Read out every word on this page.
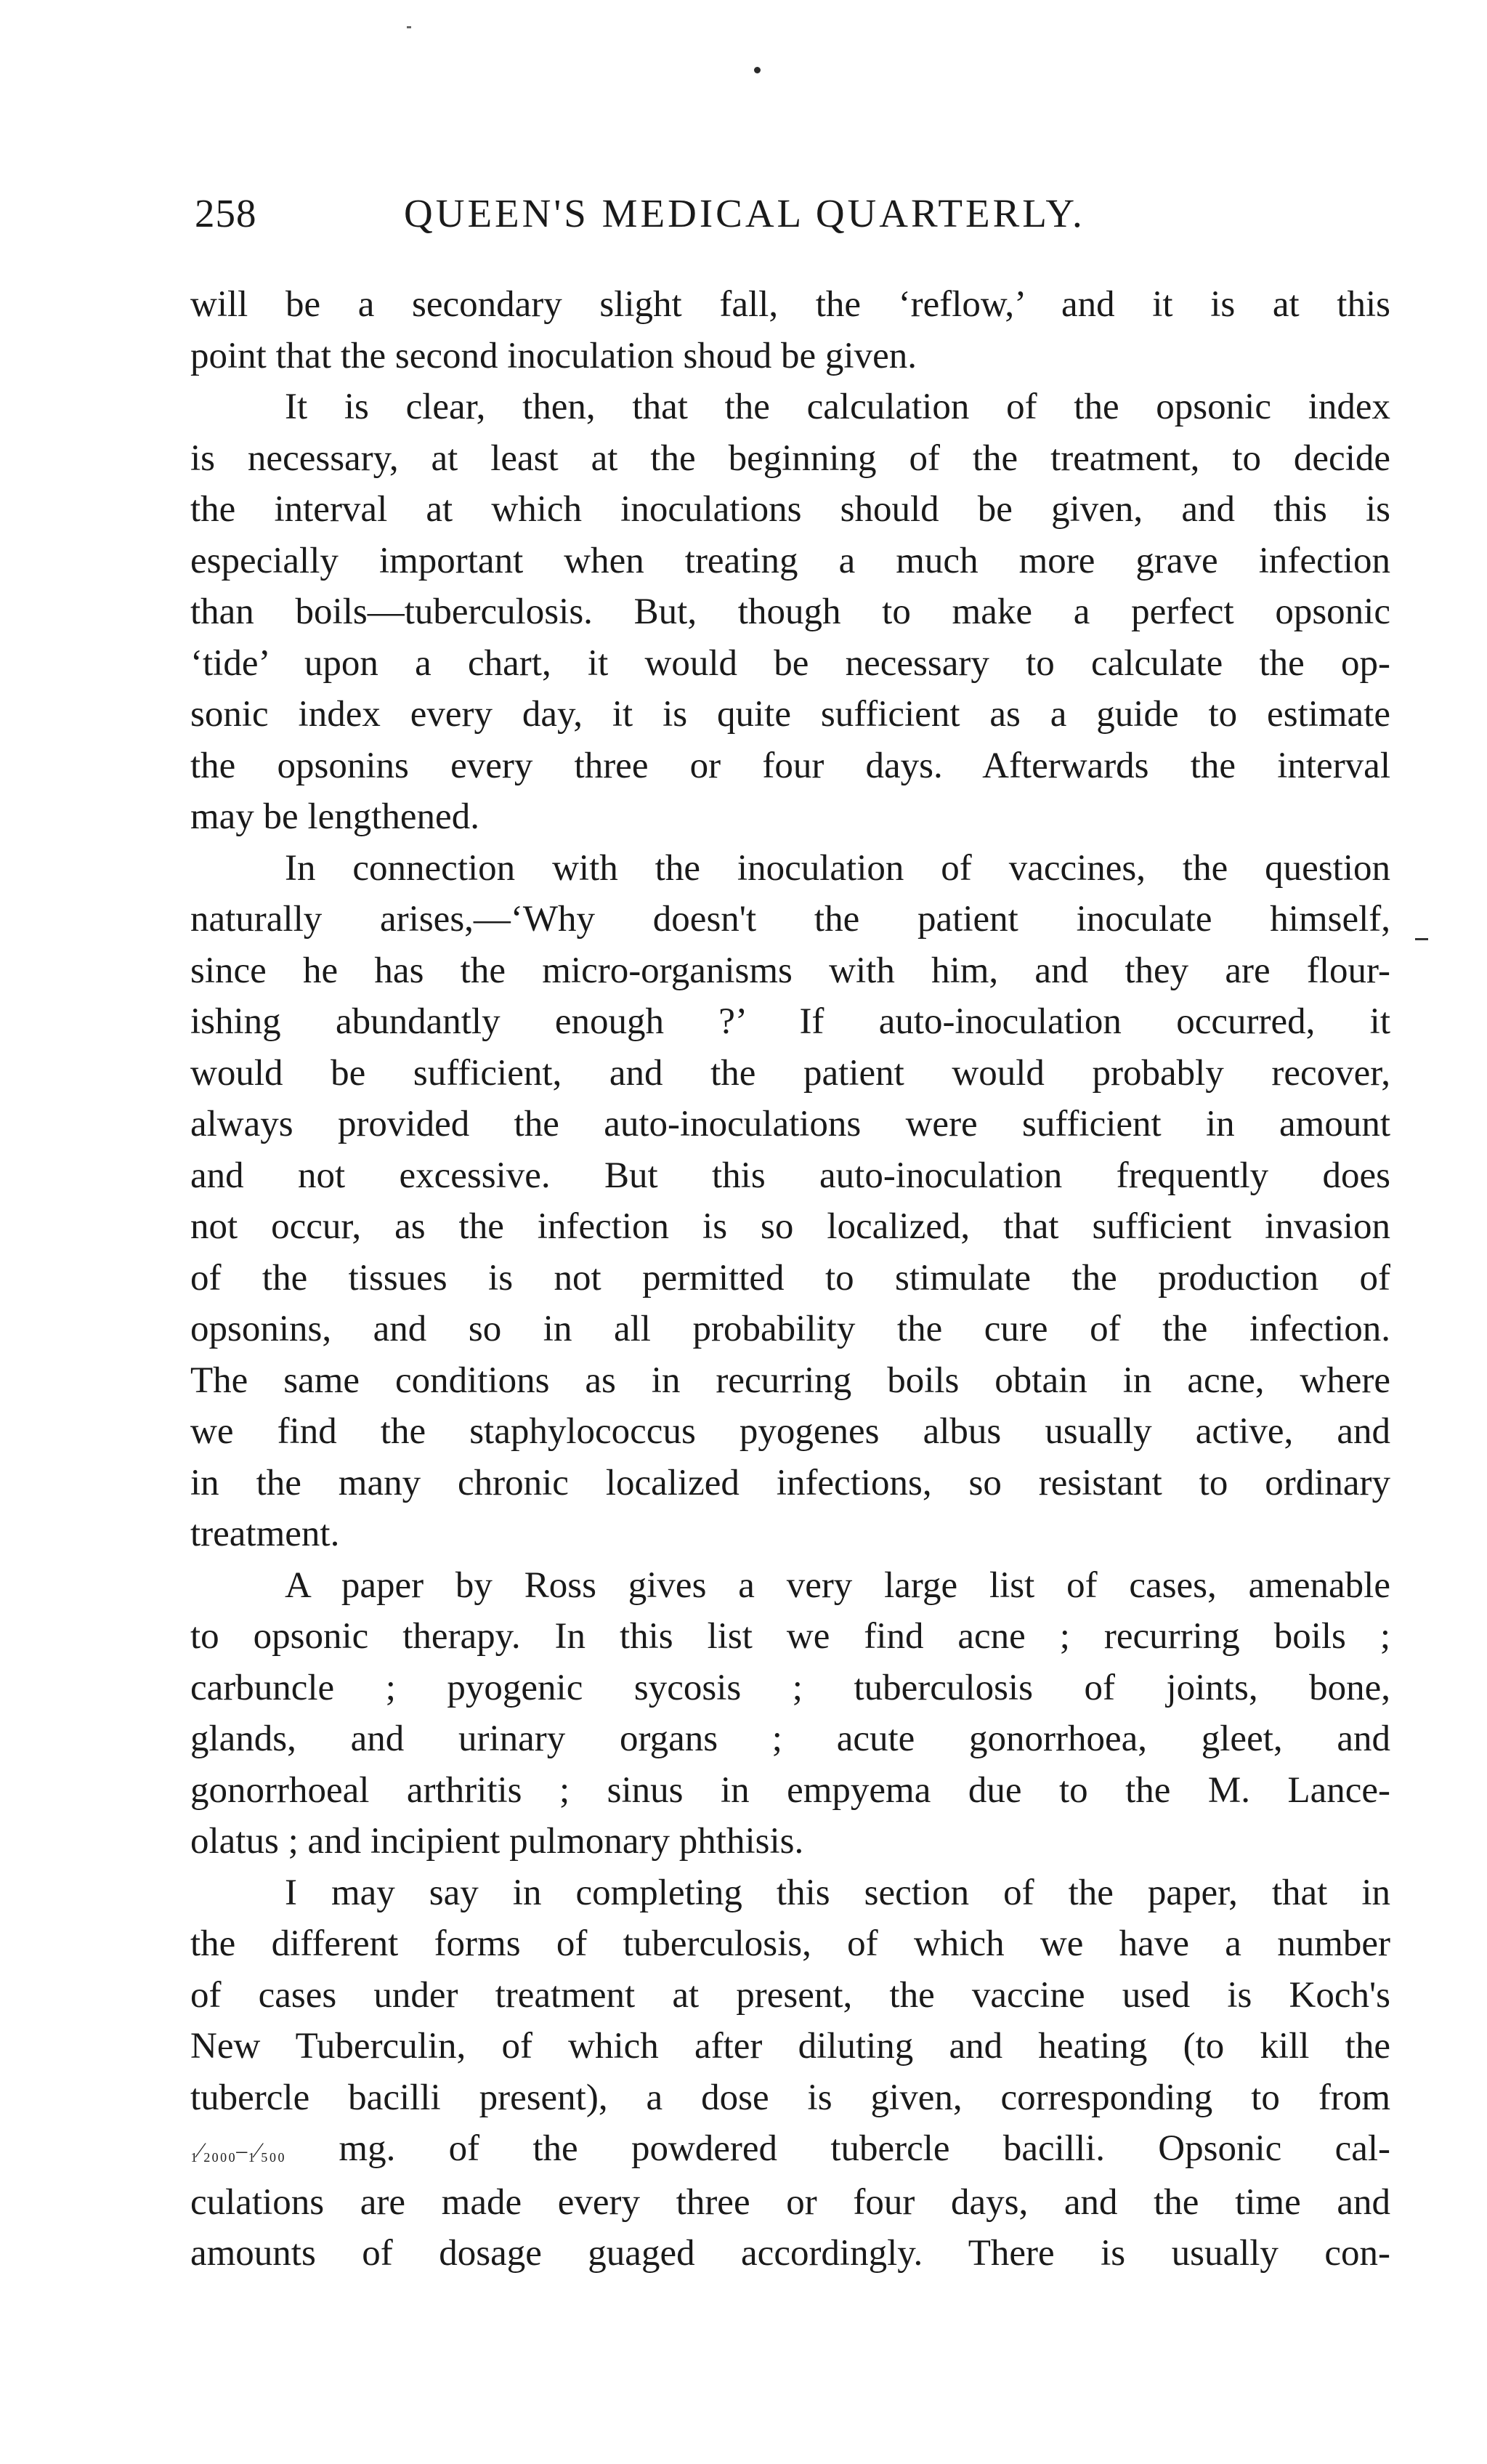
258	QUEEN'S MEDICAL QUARTERLY.

will be a secondary slight fall, the ‘reflow,’ and it is at this
point that the second inoculation shoud be given.

It is clear, then, that the calculation of the opsonic index
is necessary, at least at the beginning of the treatment, to decide
the interval at which inoculations should be given, and this is
especially important when treating a much more grave infection
than boils—tuberculosis. But, though to make a perfect opsonic
‘tide’ upon a chart, it would be necessary to calculate the op-
sonic index every day, it is quite sufficient as a guide to estimate
the opsonins every three or four days. Afterwards the interval
may be lengthened.

In connection with the inoculation of vaccines, the question
naturally arises,—‘Why doesn't the patient inoculate himself,
since he has the micro-organisms with him, and they are flour-
ishing abundantly enough ?’ If auto-inoculation occurred, it
would be sufficient, and the patient would probably recover,
always provided the auto-inoculations were sufficient in amount
and not excessive. But this auto-inoculation frequently does
not occur, as the infection is so localized, that sufficient invasion
of the tissues is not permitted to stimulate the production of
opsonins, and so in all probability the cure of the infection.
The same conditions as in recurring boils obtain in acne, where
we find the staphylococcus pyogenes albus usually active, and
in the many chronic localized infections, so resistant to ordinary
treatment.

A paper by Ross gives a very large list of cases, amenable
to opsonic therapy. In this list we find acne ; recurring boils ;
carbuncle ; pyogenic sycosis ; tuberculosis of joints, bone,
glands, and urinary organs ; acute gonorrhoea, gleet, and
gonorrhoeal arthritis ; sinus in empyema due to the M. Lance-
olatus ; and incipient pulmonary phthisis.

I may say in completing this section of the paper, that in
the different forms of tuberculosis, of which we have a number
of cases under treatment at present, the vaccine used is Koch's
New Tuberculin, of which after diluting and heating (to kill the
tubercle bacilli present), a dose is given, corresponding to from
₁⁄₂₀₀₀–₁⁄₅₀₀ mg. of the powdered tubercle bacilli. Opsonic cal-
culations are made every three or four days, and the time and
amounts of dosage guaged accordingly. There is usually con-
